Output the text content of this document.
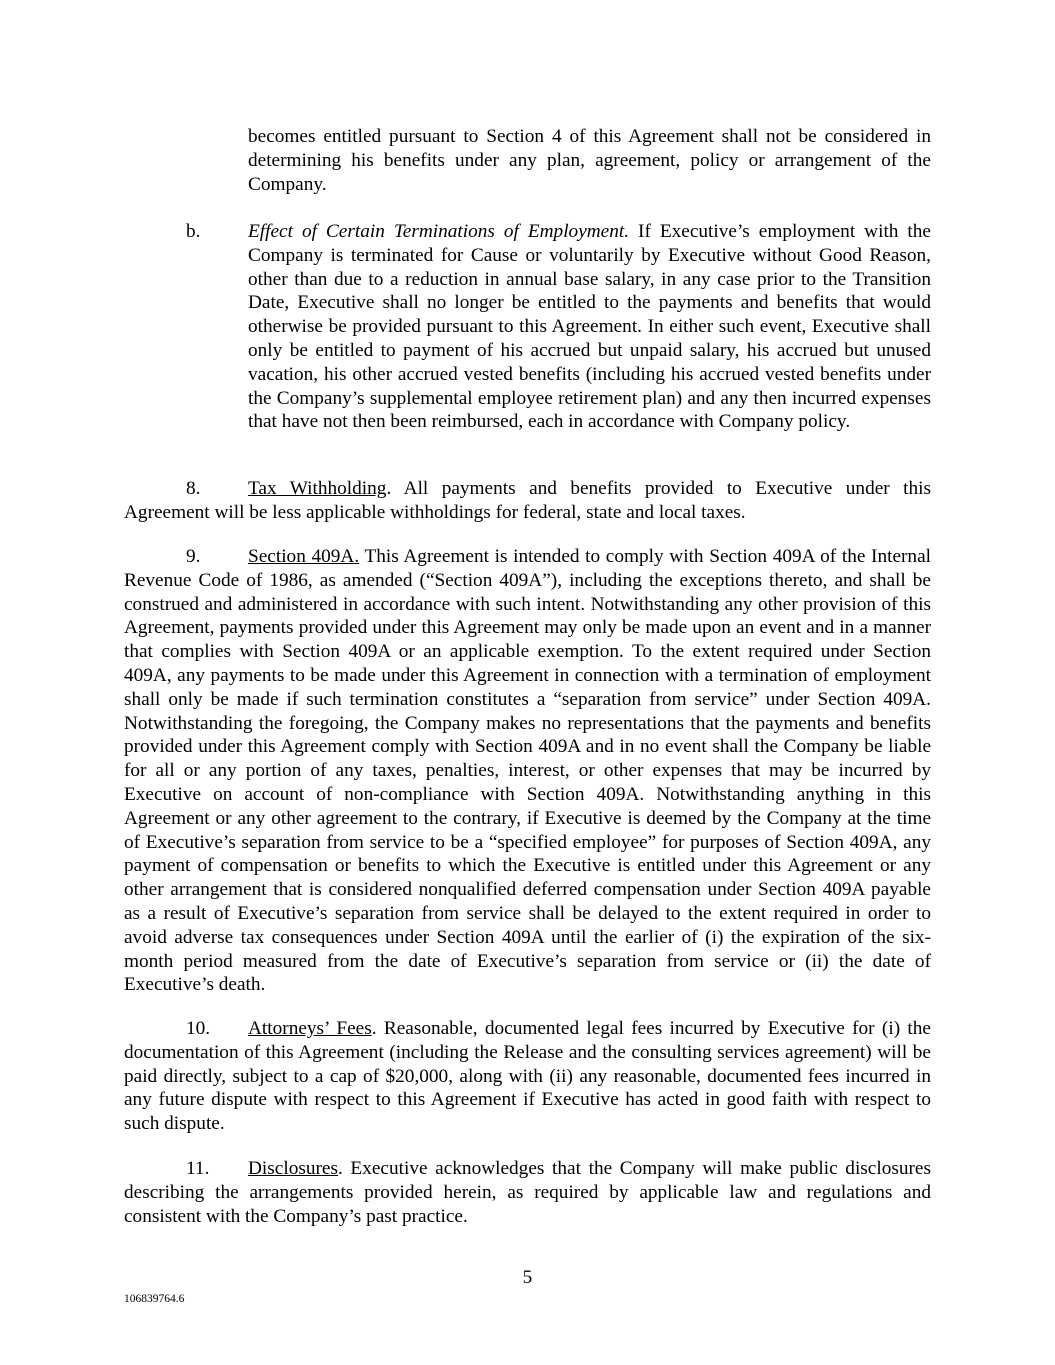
becomes entitled pursuant to Section 4 of this Agreement shall not be considered in determining his benefits under any plan, agreement, policy or arrangement of the Company.
b. Effect of Certain Terminations of Employment. If Executive’s employment with the Company is terminated for Cause or voluntarily by Executive without Good Reason, other than due to a reduction in annual base salary, in any case prior to the Transition Date, Executive shall no longer be entitled to the payments and benefits that would otherwise be provided pursuant to this Agreement. In either such event, Executive shall only be entitled to payment of his accrued but unpaid salary, his accrued but unused vacation, his other accrued vested benefits (including his accrued vested benefits under the Company’s supplemental employee retirement plan) and any then incurred expenses that have not then been reimbursed, each in accordance with Company policy.
Tax Withholding. All payments and benefits provided to Executive under this Agreement will be less applicable withholdings for federal, state and local taxes.
8.
Section 409A. This Agreement is intended to comply with Section 409A of the Internal Revenue Code of 1986, as amended (“Section 409A”), including the exceptions thereto, and shall be construed and administered in accordance with such intent. Notwithstanding any other provision of this Agreement, payments provided under this Agreement may only be made upon an event and in a manner that complies with Section 409A or an applicable exemption. To the extent required under Section 409A, any payments to be made under this Agreement in connection with a termination of employment shall only be made if such termination constitutes a “separation from service” under Section 409A. Notwithstanding the foregoing, the Company makes no representations that the payments and benefits provided under this Agreement comply with Section 409A and in no event shall the Company be liable for all or any portion of any taxes, penalties, interest, or other expenses that may be incurred by Executive on account of non-compliance with Section 409A. Notwithstanding anything in this Agreement or any other agreement to the contrary, if Executive is deemed by the Company at the time of Executive’s separation from service to be a “specified employee” for purposes of Section 409A, any payment of compensation or benefits to which the Executive is entitled under this Agreement or any other arrangement that is considered nonqualified deferred compensation under Section 409A payable as a result of Executive’s separation from service shall be delayed to the extent required in order to avoid adverse tax consequences under Section 409A until the earlier of (i) the expiration of the six-month period measured from the date of Executive’s separation from service or (ii) the date of Executive’s death.
9.
Attorneys’ Fees. Reasonable, documented legal fees incurred by Executive for (i) the documentation of this Agreement (including the Release and the consulting services agreement) will be paid directly, subject to a cap of $20,000, along with (ii) any reasonable, documented fees incurred in any future dispute with respect to this Agreement if Executive has acted in good faith with respect to such dispute.
10.
Disclosures. Executive acknowledges that the Company will make public disclosures describing the arrangements provided herein, as required by applicable law and regulations and consistent with the Company’s past practice.
11.
5
106839764.6
